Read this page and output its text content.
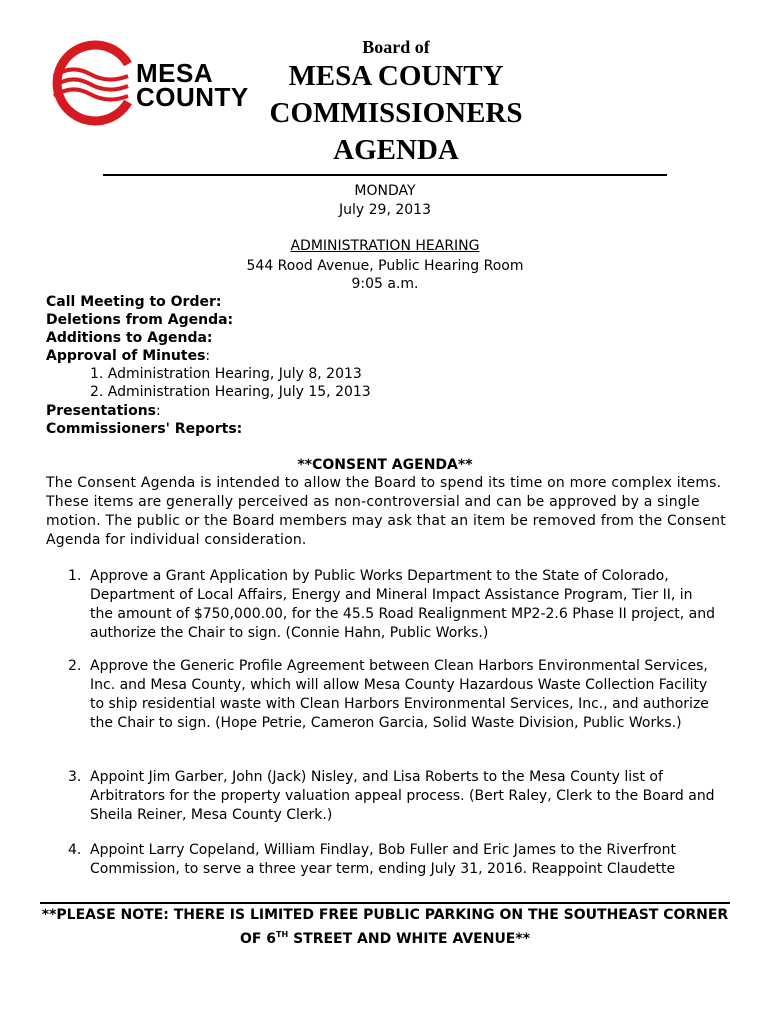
MESA
COUNTY
Board of
MESA COUNTY
COMMISSIONERS
AGENDA
MONDAY
July 29, 2013
ADMINISTRATION HEARING
544 Rood Avenue, Public Hearing Room
9:05 a.m.
Call Meeting to Order:
Deletions from Agenda:
Additions to Agenda:
Approval of Minutes:
1. Administration Hearing, July 8, 2013
2. Administration Hearing, July 15, 2013
Presentations:
Commissioners' Reports:
**CONSENT AGENDA**
The Consent Agenda is intended to allow the Board to spend its time on more complex items. These items are generally perceived as non-controversial and can be approved by a single motion. The public or the Board members may ask that an item be removed from the Consent Agenda for individual consideration.
1. Approve a Grant Application by Public Works Department to the State of Colorado, Department of Local Affairs, Energy and Mineral Impact Assistance Program, Tier II, in the amount of $750,000.00, for the 45.5 Road Realignment MP2-2.6 Phase II project, and authorize the Chair to sign. (Connie Hahn, Public Works.)
2. Approve the Generic Profile Agreement between Clean Harbors Environmental Services, Inc. and Mesa County, which will allow Mesa County Hazardous Waste Collection Facility to ship residential waste with Clean Harbors Environmental Services, Inc., and authorize the Chair to sign. (Hope Petrie, Cameron Garcia, Solid Waste Division, Public Works.)
3. Appoint Jim Garber, John (Jack) Nisley, and Lisa Roberts to the Mesa County list of Arbitrators for the property valuation appeal process. (Bert Raley, Clerk to the Board and Sheila Reiner, Mesa County Clerk.)
4. Appoint Larry Copeland, William Findlay, Bob Fuller and Eric James to the Riverfront Commission, to serve a three year term, ending July 31, 2016. Reappoint Claudette
**PLEASE NOTE: THERE IS LIMITED FREE PUBLIC PARKING ON THE SOUTHEAST CORNER
OF 6TH STREET AND WHITE AVENUE**
